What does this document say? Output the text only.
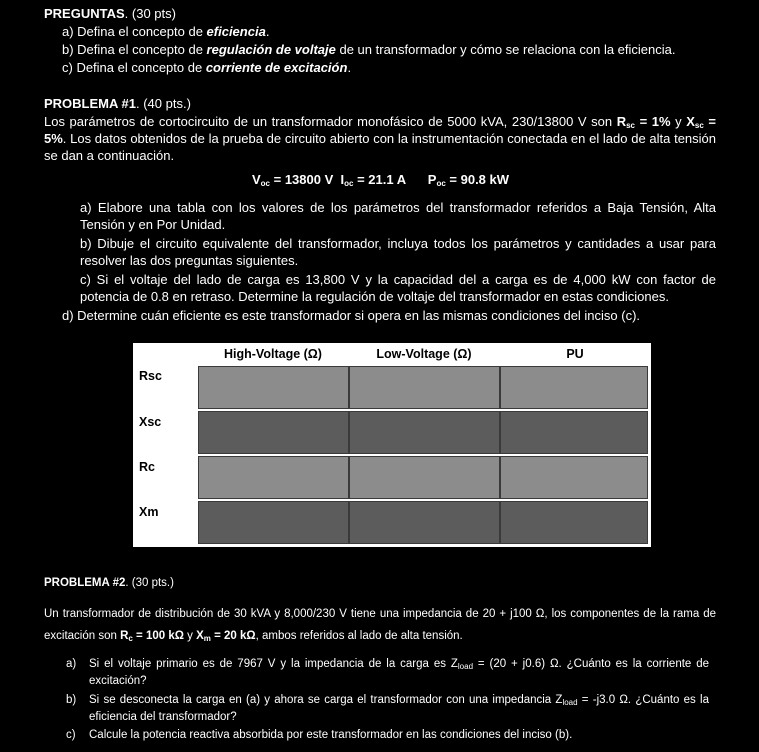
PREGUNTAS. (30 pts)
a) Defina el concepto de eficiencia.
b) Defina el concepto de regulación de voltaje de un transformador y cómo se relaciona con la eficiencia.
c) Defina el concepto de corriente de excitación.
PROBLEMA #1. (40 pts.)
Los parámetros de cortocircuito de un transformador monofásico de 5000 kVA, 230/13800 V son $R_{sc} = 1\%$ y $X_{sc} = 5\%$. Los datos obtenidos de la prueba de circuito abierto con la instrumentación conectada en el lado de alta tensión se dan a continuación.
$V_{oc} = 13800$ V $I_{oc} = 21.1$ A $P_{oc} = 90.8$ kW
a) Elabore una tabla con los valores de los parámetros del transformador referidos a Baja Tensión, Alta Tensión y en Por Unidad.
b) Dibuje el circuito equivalente del transformador, incluya todos los parámetros y cantidades a usar para resolver las dos preguntas siguientes.
c) Si el voltaje del lado de carga es 13,800 V y la capacidad del a carga es de 4,000 kW con factor de potencia de 0.8 en retraso. Determine la regulación de voltaje del transformador en estas condiciones.
d) Determine cuán eficiente es este transformador si opera en las mismas condiciones del inciso (c).
High-Voltage (Ω)	Low-Voltage (Ω)	PU
Rsc
Xsc
Rc
Xm
PROBLEMA #2. (30 pts.)
Un transformador de distribución de 30 kVA y 8,000/230 V tiene una impedancia de 20 + j100 Ω, los componentes de la rama de excitación son $R_c = 100$ kΩ y $X_m = 20$ kΩ, ambos referidos al lado de alta tensión.
a) Si el voltaje primario es de 7967 V y la impedancia de la carga es $Z_{load} = (20 + j0.6)$ Ω. ¿Cuánto es la corriente de excitación?
b) Si se desconecta la carga en (a) y ahora se carga el transformador con una impedancia $Z_{load} = -j3.0$ Ω. ¿Cuánto es la eficiencia del transformador?
c) Calcule la potencia reactiva absorbida por este transformador en las condiciones del inciso (b).
